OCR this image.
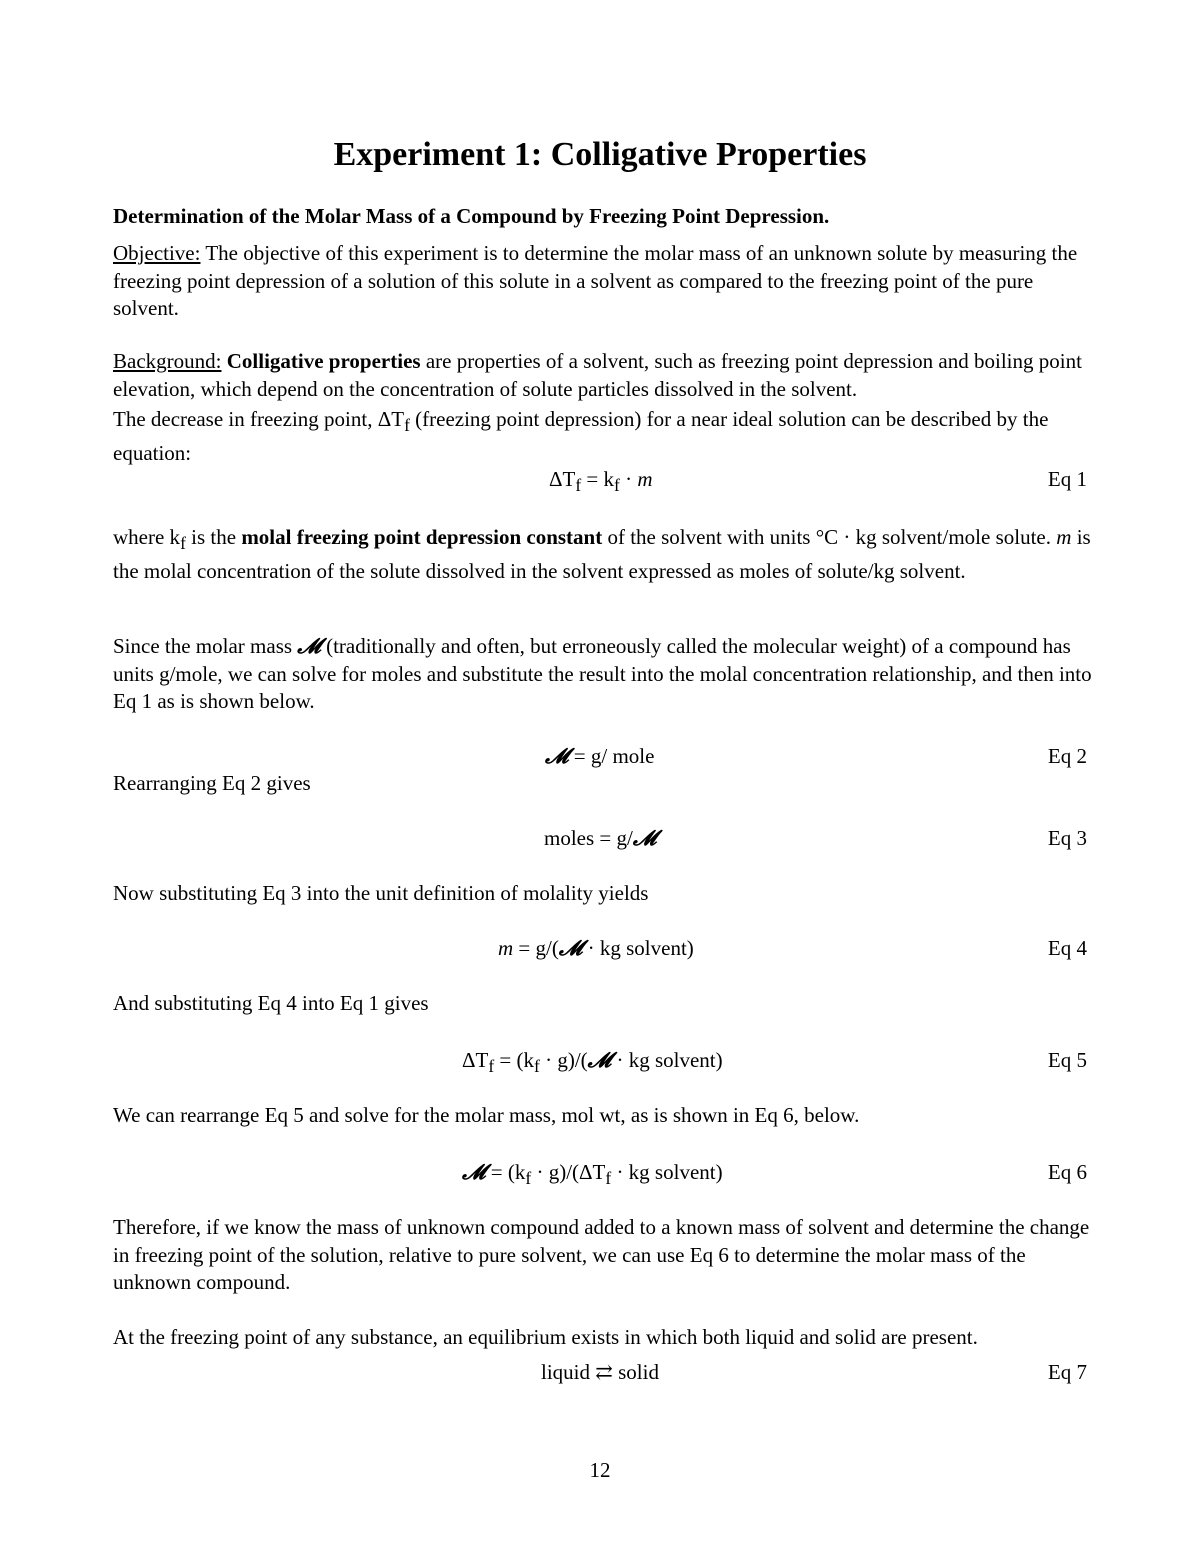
Experiment 1: Colligative Properties
Determination of the Molar Mass of a Compound by Freezing Point Depression.
Objective: The objective of this experiment is to determine the molar mass of an unknown solute by measuring the freezing point depression of a solution of this solute in a solvent as compared to the freezing point of the pure solvent.
Background: Colligative properties are properties of a solvent, such as freezing point depression and boiling point elevation, which depend on the concentration of solute particles dissolved in the solvent.
The decrease in freezing point, $\Delta T_f$ (freezing point depression) for a near ideal solution can be described by the equation:
$\Delta T_f = k_f \cdot m$	Eq 1
where $k_f$ is the molal freezing point depression constant of the solvent with units °C · kg solvent/mole solute. m is the molal concentration of the solute dissolved in the solvent expressed as moles of solute/kg solvent.
Since the molar mass 𝓜 (traditionally and often, but erroneously called the molecular weight) of a compound has units g/mole, we can solve for moles and substitute the result into the molal concentration relationship, and then into Eq 1 as is shown below.
𝓜 = g/ mole	Eq 2
Rearranging Eq 2 gives
moles = g/𝓜	Eq 3
Now substituting Eq 3 into the unit definition of molality yields
m = g/(𝓜 · kg solvent)	Eq 4
And substituting Eq 4 into Eq 1 gives
$\Delta T_f = (k_f$ · g)/(𝓜 · kg solvent)	Eq 5
We can rearrange Eq 5 and solve for the molar mass, mol wt, as is shown in Eq 6, below.
𝓜 = $(k_f \cdot g)/(\Delta T_f$ · kg solvent)	Eq 6
Therefore, if we know the mass of unknown compound added to a known mass of solvent and determine the change in freezing point of the solution, relative to pure solvent, we can use Eq 6 to determine the molar mass of the unknown compound.
At the freezing point of any substance, an equilibrium exists in which both liquid and solid are present.
liquid ⇄ solid	Eq 7
12
